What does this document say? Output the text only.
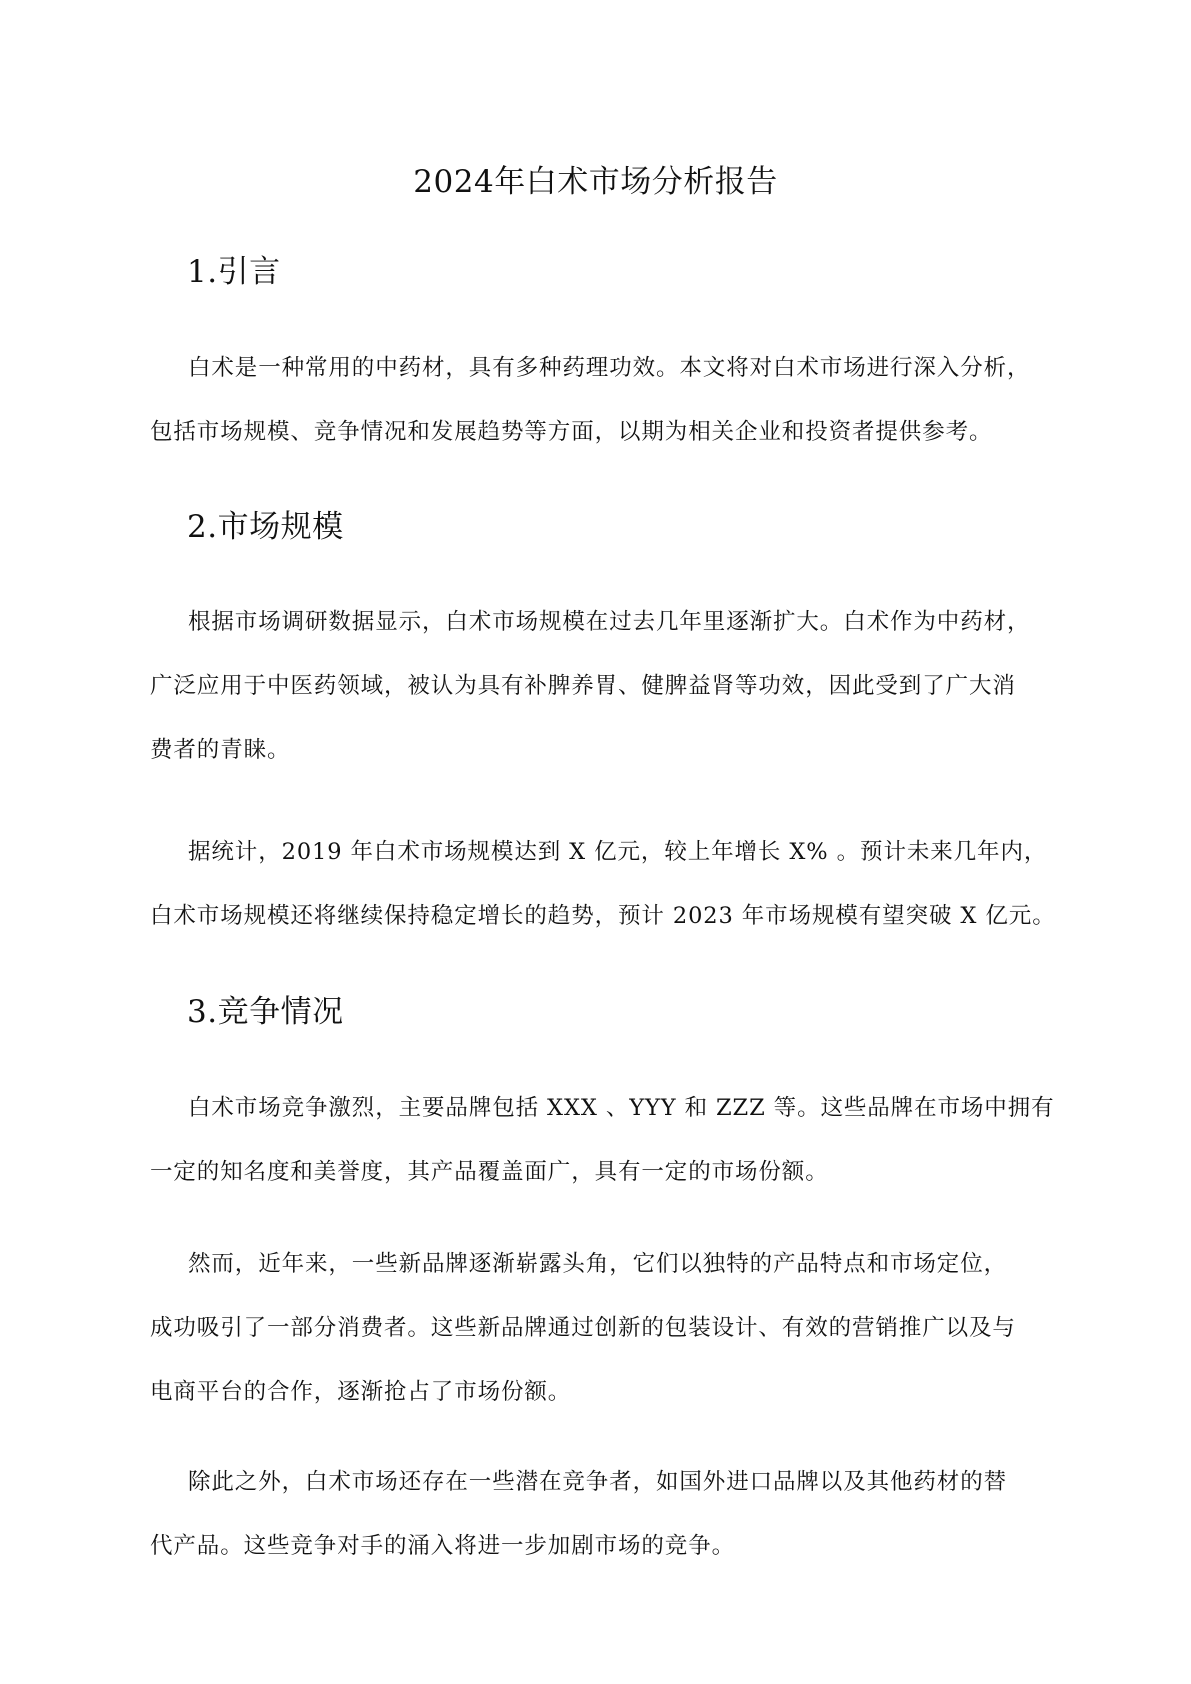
2024年白术市场分析报告
1.引言

白术是一种常用的中药材，具有多种药理功效。本文将对白术市场进行深入分析，
包括市场规模、竞争情况和发展趋势等方面，以期为相关企业和投资者提供参考。

2.市场规模

根据市场调研数据显示，白术市场规模在过去几年里逐渐扩大。白术作为中药材，
广泛应用于中医药领域，被认为具有补脾养胃、健脾益肾等功效，因此受到了广大消
费者的青睐。

据统计，2019 年白术市场规模达到 X 亿元，较上年增长 X% 。预计未来几年内，
白术市场规模还将继续保持稳定增长的趋势，预计 2023 年市场规模有望突破 X 亿元。

3.竞争情况

白术市场竞争激烈，主要品牌包括 XXX 、YYY 和 ZZZ 等。这些品牌在市场中拥有
一定的知名度和美誉度，其产品覆盖面广，具有一定的市场份额。

然而，近年来，一些新品牌逐渐崭露头角，它们以独特的产品特点和市场定位，
成功吸引了一部分消费者。这些新品牌通过创新的包装设计、有效的营销推广以及与
电商平台的合作，逐渐抢占了市场份额。

除此之外，白术市场还存在一些潜在竞争者，如国外进口品牌以及其他药材的替
代产品。这些竞争对手的涌入将进一步加剧市场的竞争。
